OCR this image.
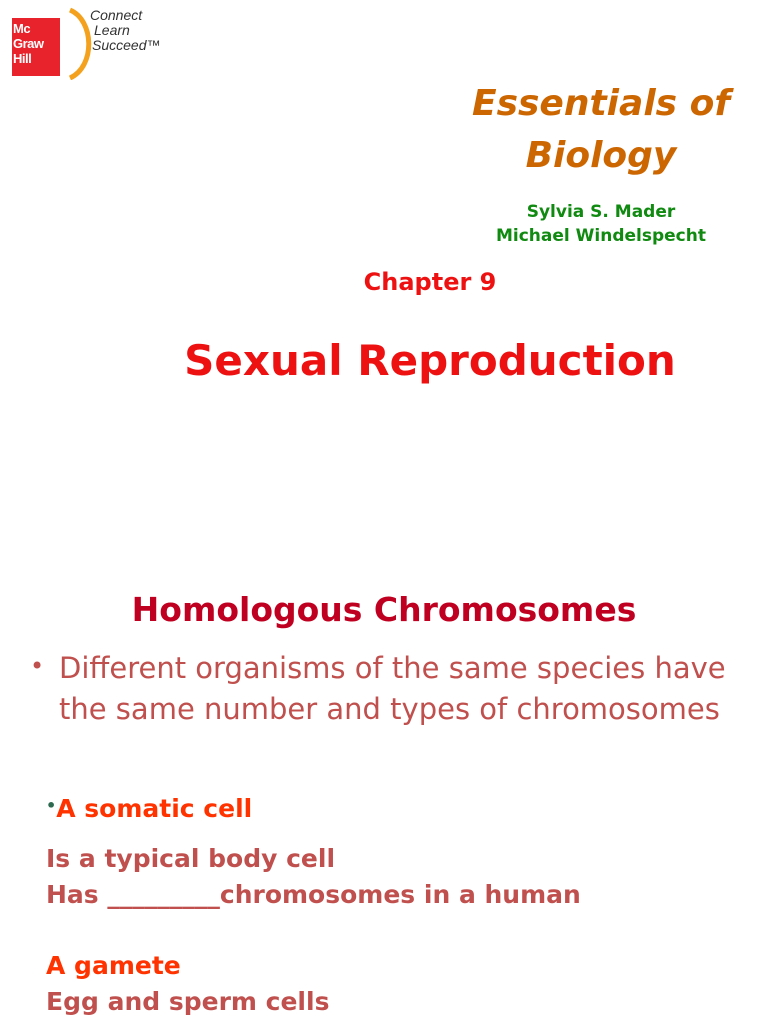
Mc
Graw
Hill
Connect
Learn
Succeed™
Essentials of
Biology
Sylvia S. Mader
Michael Windelspecht
Chapter 9
Sexual Reproduction
Homologous Chromosomes
• Different organisms of the same species have the same number and types of chromosomes
•A somatic cell
Is a typical body cell
Has _________chromosomes in a human
A gamete
Egg and sperm cells
